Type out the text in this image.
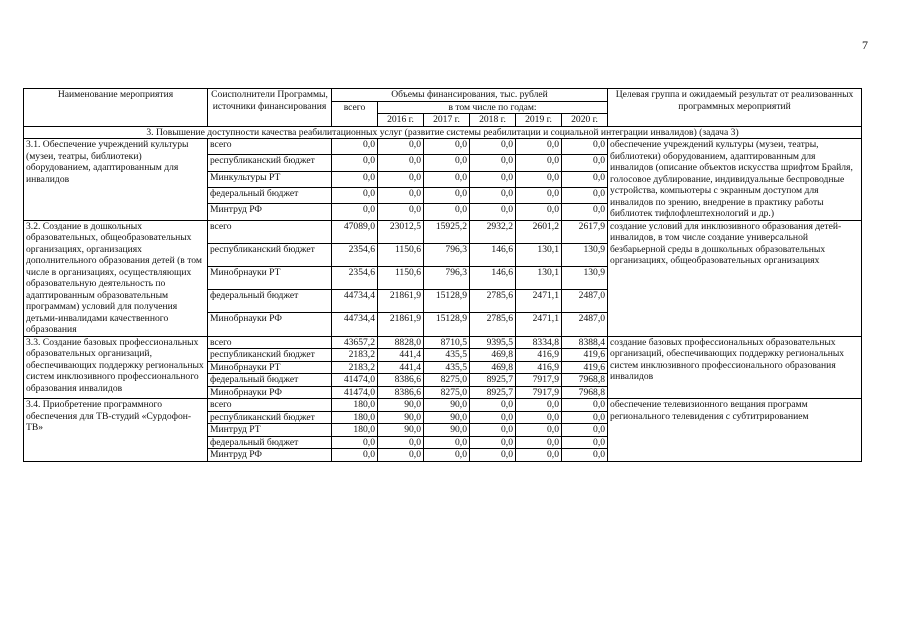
7
Наименование мероприятия	Соисполнители Программы, источники финансирования	Объемы финансирования, тыс. рублей						Целевая группа и ожидаемый результат от реализованных программных мероприятий
		всего	в том числе по годам:					
			2016 г.	2017 г.	2018 г.	2019 г.	2020 г.	
3. Повышение доступности качества реабилитационных услуг (развитие системы реабилитации и социальной интеграции инвалидов) (задача 3)								
3.1. Обеспечение учреждений культуры (музеи, театры, библиотеки) оборудованием, адаптированным для инвалидов	всего	0,0	0,0	0,0	0,0	0,0	0,0	обеспечение учреждений культуры (музеи, театры, библиотеки) оборудованием, адаптированным для инвалидов (описание объектов искусства шрифтом Брайля, голосовое дублирование, индивидуальные беспроводные устройства, компьютеры с экранным доступом для инвалидов по зрению, внедрение в практику работы библиотек тифлофлештехнологий и др.)
	республиканский бюджет	0,0	0,0	0,0	0,0	0,0	0,0	
	Минкультуры РТ	0,0	0,0	0,0	0,0	0,0	0,0	
	федеральный бюджет	0,0	0,0	0,0	0,0	0,0	0,0	
	Минтруд РФ	0,0	0,0	0,0	0,0	0,0	0,0	
3.2. Создание в дошкольных образовательных, общеобразовательных организациях, организациях дополнительного образования детей (в том числе в организациях, осуществляющих образовательную деятельность по адаптированным образовательным программам) условий для получения детьми-инвалидами качественного образования	всего	47089,0	23012,5	15925,2	2932,2	2601,2	2617,9	создание условий для инклюзивного образования детей-инвалидов, в том числе создание универсальной безбарьерной среды в дошкольных образовательных организациях, общеобразовательных организациях
	республиканский бюджет	2354,6	1150,6	796,3	146,6	130,1	130,9	
	Минобрнауки РТ	2354,6	1150,6	796,3	146,6	130,1	130,9	
	федеральный бюджет	44734,4	21861,9	15128,9	2785,6	2471,1	2487,0	
	Минобрнауки РФ	44734,4	21861,9	15128,9	2785,6	2471,1	2487,0	
3.3. Создание базовых профессиональных образовательных организаций, обеспечивающих поддержку региональных систем инклюзивного профессионального образования инвалидов	всего	43657,2	8828,0	8710,5	9395,5	8334,8	8388,4	создание базовых профессиональных образовательных организаций, обеспечивающих поддержку региональных систем инклюзивного профессионального образования инвалидов
	республиканский бюджет	2183,2	441,4	435,5	469,8	416,9	419,6	
	Минобрнауки РТ	2183,2	441,4	435,5	469,8	416,9	419,6	
	федеральный бюджет	41474,0	8386,6	8275,0	8925,7	7917,9	7968,8	
	Минобрнауки РФ	41474,0	8386,6	8275,0	8925,7	7917,9	7968,8	
3.4. Приобретение программного обеспечения для ТВ-студий «Сурдофон-ТВ»	всего	180,0	90,0	90,0	0,0	0,0	0,0	обеспечение телевизионного вещания программ регионального телевидения с субтитрированием
	республиканский бюджет	180,0	90,0	90,0	0,0	0,0	0,0	
	Минтруд РТ	180,0	90,0	90,0	0,0	0,0	0,0	
	федеральный бюджет	0,0	0,0	0,0	0,0	0,0	0,0	
	Минтруд РФ	0,0	0,0	0,0	0,0	0,0	0,0	
